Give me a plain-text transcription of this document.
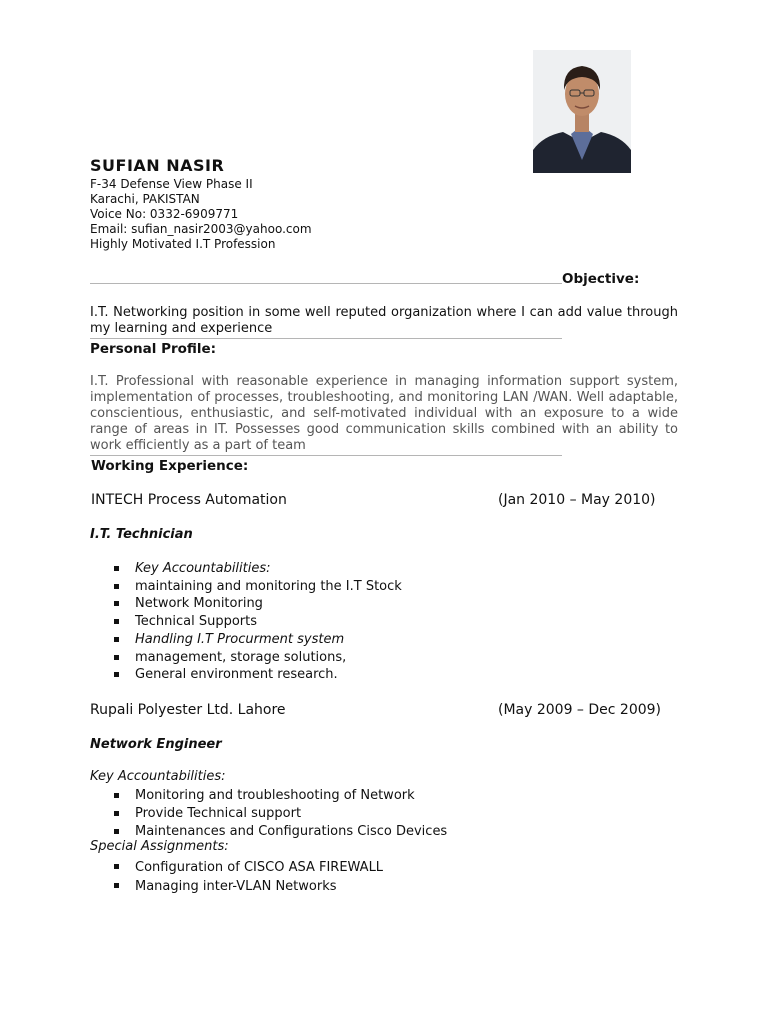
SUFIAN NASIR
F-34 Defense View Phase II
Karachi, PAKISTAN
Voice No: 0332-6909771
Email: sufian_nasir2003@yahoo.com
Highly Motivated I.T Profession
Objective:
I.T. Networking position in some well reputed organization where I can add value through my learning and experience
Personal Profile:
I.T. Professional with reasonable experience in managing information support system, implementation of processes, troubleshooting, and monitoring LAN /WAN. Well adaptable, conscientious, enthusiastic, and self-motivated individual with an exposure to a wide range of areas in IT. Possesses good communication skills combined with an ability to work efficiently as a part of team
Working Experience:
INTECH Process Automation	(Jan 2010 – May 2010)
I.T. Technician
Key Accountabilities:
maintaining and monitoring the I.T Stock
Network Monitoring
Technical Supports
Handling I.T Procurment system
management, storage solutions,
General environment research.
Rupali Polyester Ltd. Lahore	(May 2009 – Dec 2009)
Network Engineer
Key Accountabilities:
Monitoring and troubleshooting of Network
Provide Technical support
Maintenances and Configurations Cisco Devices
Special Assignments:
Configuration of CISCO ASA FIREWALL
Managing inter-VLAN Networks
